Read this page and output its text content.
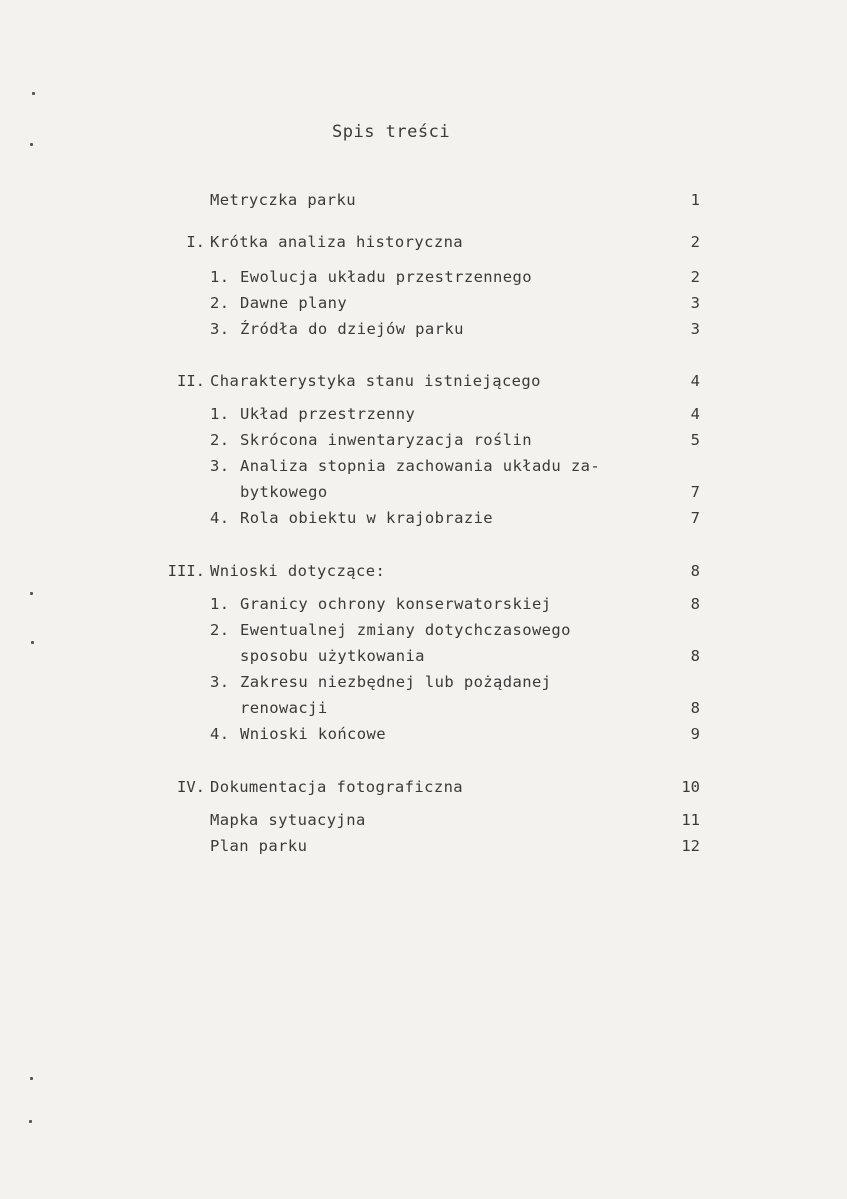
Spis treści
Metryczka parku	1
I. Krótka analiza historyczna	2
1. Ewolucja układu przestrzennego	2
2. Dawne plany	3
3. Źródła do dziejów parku	3
II. Charakterystyka stanu istniejącego	4
1. Układ przestrzenny	4
2. Skrócona inwentaryzacja roślin	5
3. Analiza stopnia zachowania układu za-
bytkowego	7
4. Rola obiektu w krajobrazie	7
III. Wnioski dotyczące:	8
1. Granicy ochrony konserwatorskiej	8
2. Ewentualnej zmiany dotychczasowego
sposobu użytkowania	8
3. Zakresu niezbędnej lub pożądanej
renowacji	8
4. Wnioski końcowe	9
IV. Dokumentacja fotograficzna	10
Mapka sytuacyjna	11
Plan parku	12
